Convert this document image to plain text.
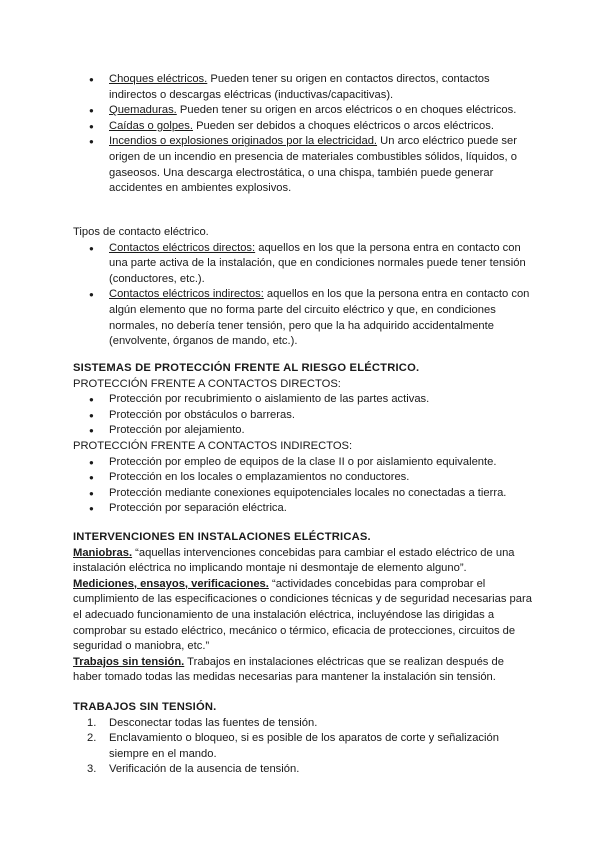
● Choques eléctricos. Pueden tener su origen en contactos directos, contactos indirectos o descargas eléctricas (inductivas/capacitivas).
● Quemaduras. Pueden tener su origen en arcos eléctricos o en choques eléctricos.
● Caídas o golpes. Pueden ser debidos a choques eléctricos o arcos eléctricos.
● Incendios o explosiones originados por la electricidad. Un arco eléctrico puede ser origen de un incendio en presencia de materiales combustibles sólidos, líquidos, o gaseosos. Una descarga electrostática, o una chispa, también puede generar accidentes en ambientes explosivos.

Tipos de contacto eléctrico.

● Contactos eléctricos directos: aquellos en los que la persona entra en contacto con una parte activa de la instalación, que en condiciones normales puede tener tensión (conductores, etc.).
● Contactos eléctricos indirectos: aquellos en los que la persona entra en contacto con algún elemento que no forma parte del circuito eléctrico y que, en condiciones normales, no debería tener tensión, pero que la ha adquirido accidentalmente (envolvente, órganos de mando, etc.).

SISTEMAS DE PROTECCIÓN FRENTE AL RIESGO ELÉCTRICO.

PROTECCIÓN FRENTE A CONTACTOS DIRECTOS:

● Protección por recubrimiento o aislamiento de las partes activas.
● Protección por obstáculos o barreras.
● Protección por alejamiento.

PROTECCIÓN FRENTE A CONTACTOS INDIRECTOS:

● Protección por empleo de equipos de la clase II o por aislamiento equivalente.
● Protección en los locales o emplazamientos no conductores.
● Protección mediante conexiones equipotenciales locales no conectadas a tierra.
● Protección por separación eléctrica.

INTERVENCIONES EN INSTALACIONES ELÉCTRICAS.

Maniobras. “aquellas intervenciones concebidas para cambiar el estado eléctrico de una instalación eléctrica no implicando montaje ni desmontaje de elemento alguno”.

Mediciones, ensayos, verificaciones. “actividades concebidas para comprobar el cumplimiento de las especificaciones o condiciones técnicas y de seguridad necesarias para el adecuado funcionamiento de una instalación eléctrica, incluyéndose las dirigidas a comprobar su estado eléctrico, mecánico o térmico, eficacia de protecciones, circuitos de seguridad o maniobra, etc.”

Trabajos sin tensión. Trabajos en instalaciones eléctricas que se realizan después de haber tomado todas las medidas necesarias para mantener la instalación sin tensión.

TRABAJOS SIN TENSIÓN.

1. Desconectar todas las fuentes de tensión.
2. Enclavamiento o bloqueo, si es posible de los aparatos de corte y señalización siempre en el mando.
3. Verificación de la ausencia de tensión.
